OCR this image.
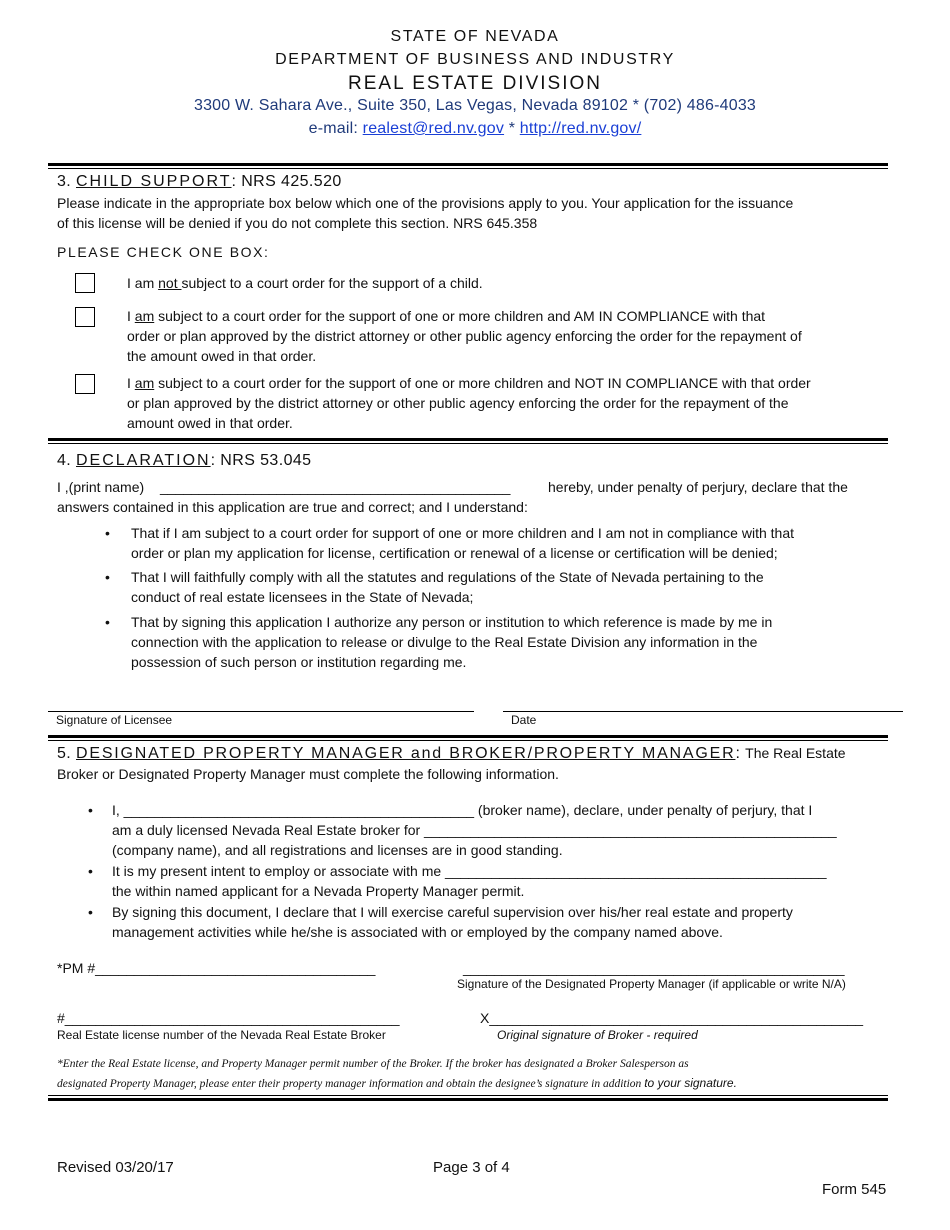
STATE OF NEVADA
DEPARTMENT OF BUSINESS AND INDUSTRY
REAL ESTATE DIVISION
3300 W. Sahara Ave., Suite 350, Las Vegas, Nevada 89102 * (702) 486-4033
e-mail: realest@red.nv.gov * http://red.nv.gov/
3. CHILD SUPPORT: NRS 425.520
Please indicate in the appropriate box below which one of the provisions apply to you. Your application for the issuance
of this license will be denied if you do not complete this section. NRS 645.358
PLEASE CHECK ONE BOX:
I am not subject to a court order for the support of a child.
I am subject to a court order for the support of one or more children and AM IN COMPLIANCE with that
order or plan approved by the district attorney or other public agency enforcing the order for the repayment of
the amount owed in that order.
I am subject to a court order for the support of one or more children and NOT IN COMPLIANCE with that order
or plan approved by the district attorney or other public agency enforcing the order for the repayment of the
amount owed in that order.
4. DECLARATION: NRS 53.045
I ,(print name) _____________________________________________	hereby, under penalty of perjury, declare that the
answers contained in this application are true and correct; and I understand:
• That if I am subject to a court order for support of one or more children and I am not in compliance with that
order or plan my application for license, certification or renewal of a license or certification will be denied;
• That I will faithfully comply with all the statutes and regulations of the State of Nevada pertaining to the
conduct of real estate licensees in the State of Nevada;
• That by signing this application I authorize any person or institution to which reference is made by me in
connection with the application to release or divulge to the Real Estate Division any information in the
possession of such person or institution regarding me.
Signature of Licensee	Date
5. DESIGNATED PROPERTY MANAGER and BROKER/PROPERTY MANAGER: The Real Estate
Broker or Designated Property Manager must complete the following information.
• I, _____________________________________________ (broker name), declare, under penalty of perjury, that I
am a duly licensed Nevada Real Estate broker for _____________________________________________________
(company name), and all registrations and licenses are in good standing.
• It is my present intent to employ or associate with me _________________________________________________
the within named applicant for a Nevada Property Manager permit.
• By signing this document, I declare that I will exercise careful supervision over his/her real estate and property
management activities while he/she is associated with or employed by the company named above.
*PM #____________________________________	_________________________________________________
Signature of the Designated Property Manager (if applicable or write N/A)
#___________________________________________	X________________________________________________
Real Estate license number of the Nevada Real Estate Broker	Original signature of Broker - required
*Enter the Real Estate license, and Property Manager permit number of the Broker. If the broker has designated a Broker Salesperson as
designated Property Manager, please enter their property manager information and obtain the designee’s signature in addition to your signature.
Revised 03/20/17	Page 3 of 4
Form 545
